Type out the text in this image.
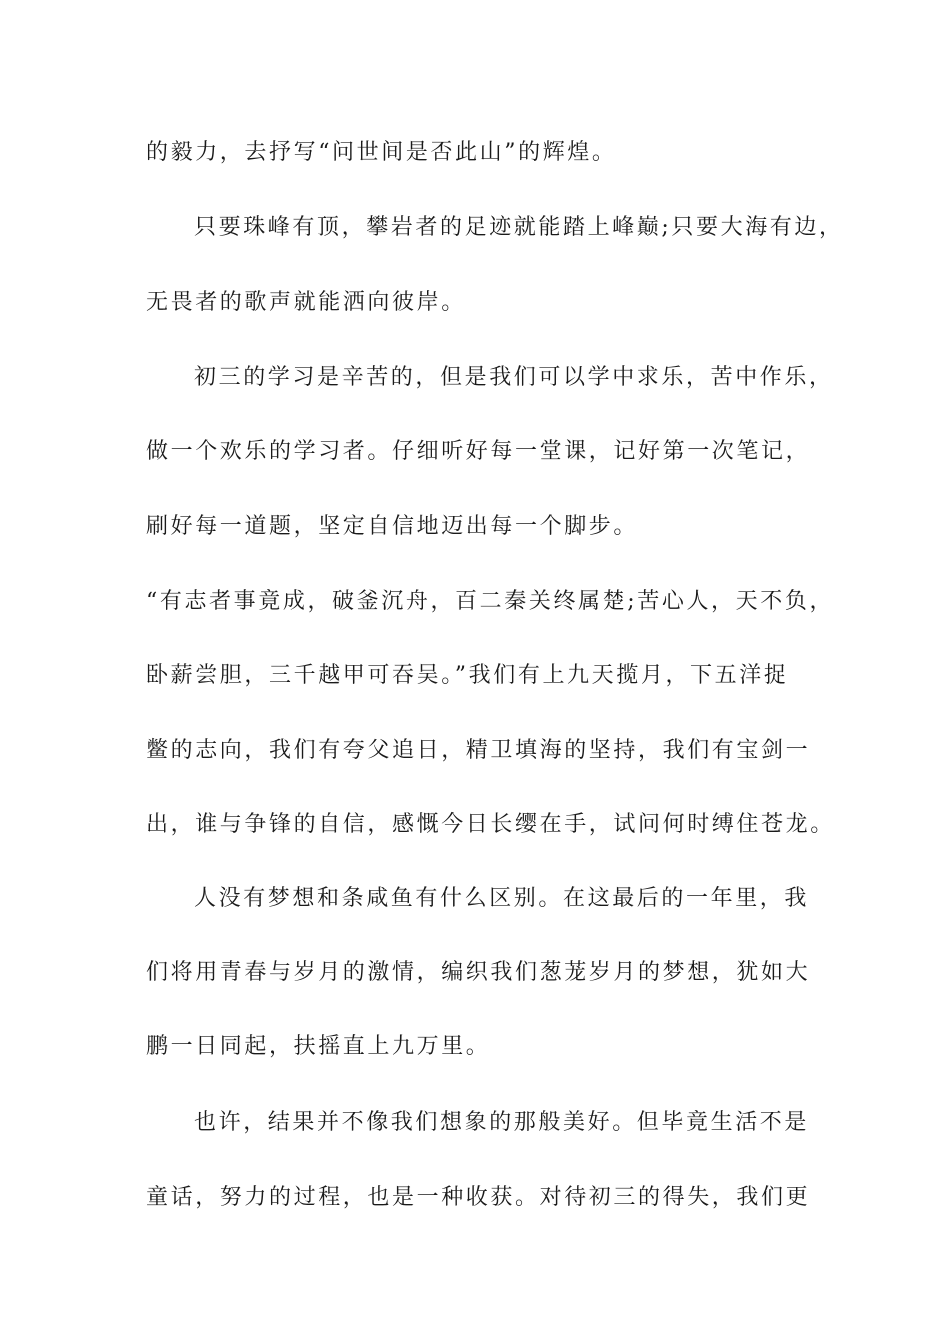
的毅力，去抒写“问世间是否此山”的辉煌。
只要珠峰有顶，攀岩者的足迹就能踏上峰巅;只要大海有边，
无畏者的歌声就能洒向彼岸。
初三的学习是辛苦的，但是我们可以学中求乐，苦中作乐，
做一个欢乐的学习者。仔细听好每一堂课，记好第一次笔记，
刷好每一道题，坚定自信地迈出每一个脚步。
“有志者事竟成，破釜沉舟，百二秦关终属楚;苦心人，天不负，
卧薪尝胆，三千越甲可吞吴。”我们有上九天揽月，下五洋捉
鳖的志向，我们有夸父追日，精卫填海的坚持，我们有宝剑一
出，谁与争锋的自信，感慨今日长缨在手，试问何时缚住苍龙。
人没有梦想和条咸鱼有什么区别。在这最后的一年里，我
们将用青春与岁月的激情，编织我们葱茏岁月的梦想，犹如大
鹏一日同起，扶摇直上九万里。
也许，结果并不像我们想象的那般美好。但毕竟生活不是
童话，努力的过程，也是一种收获。对待初三的得失，我们更
